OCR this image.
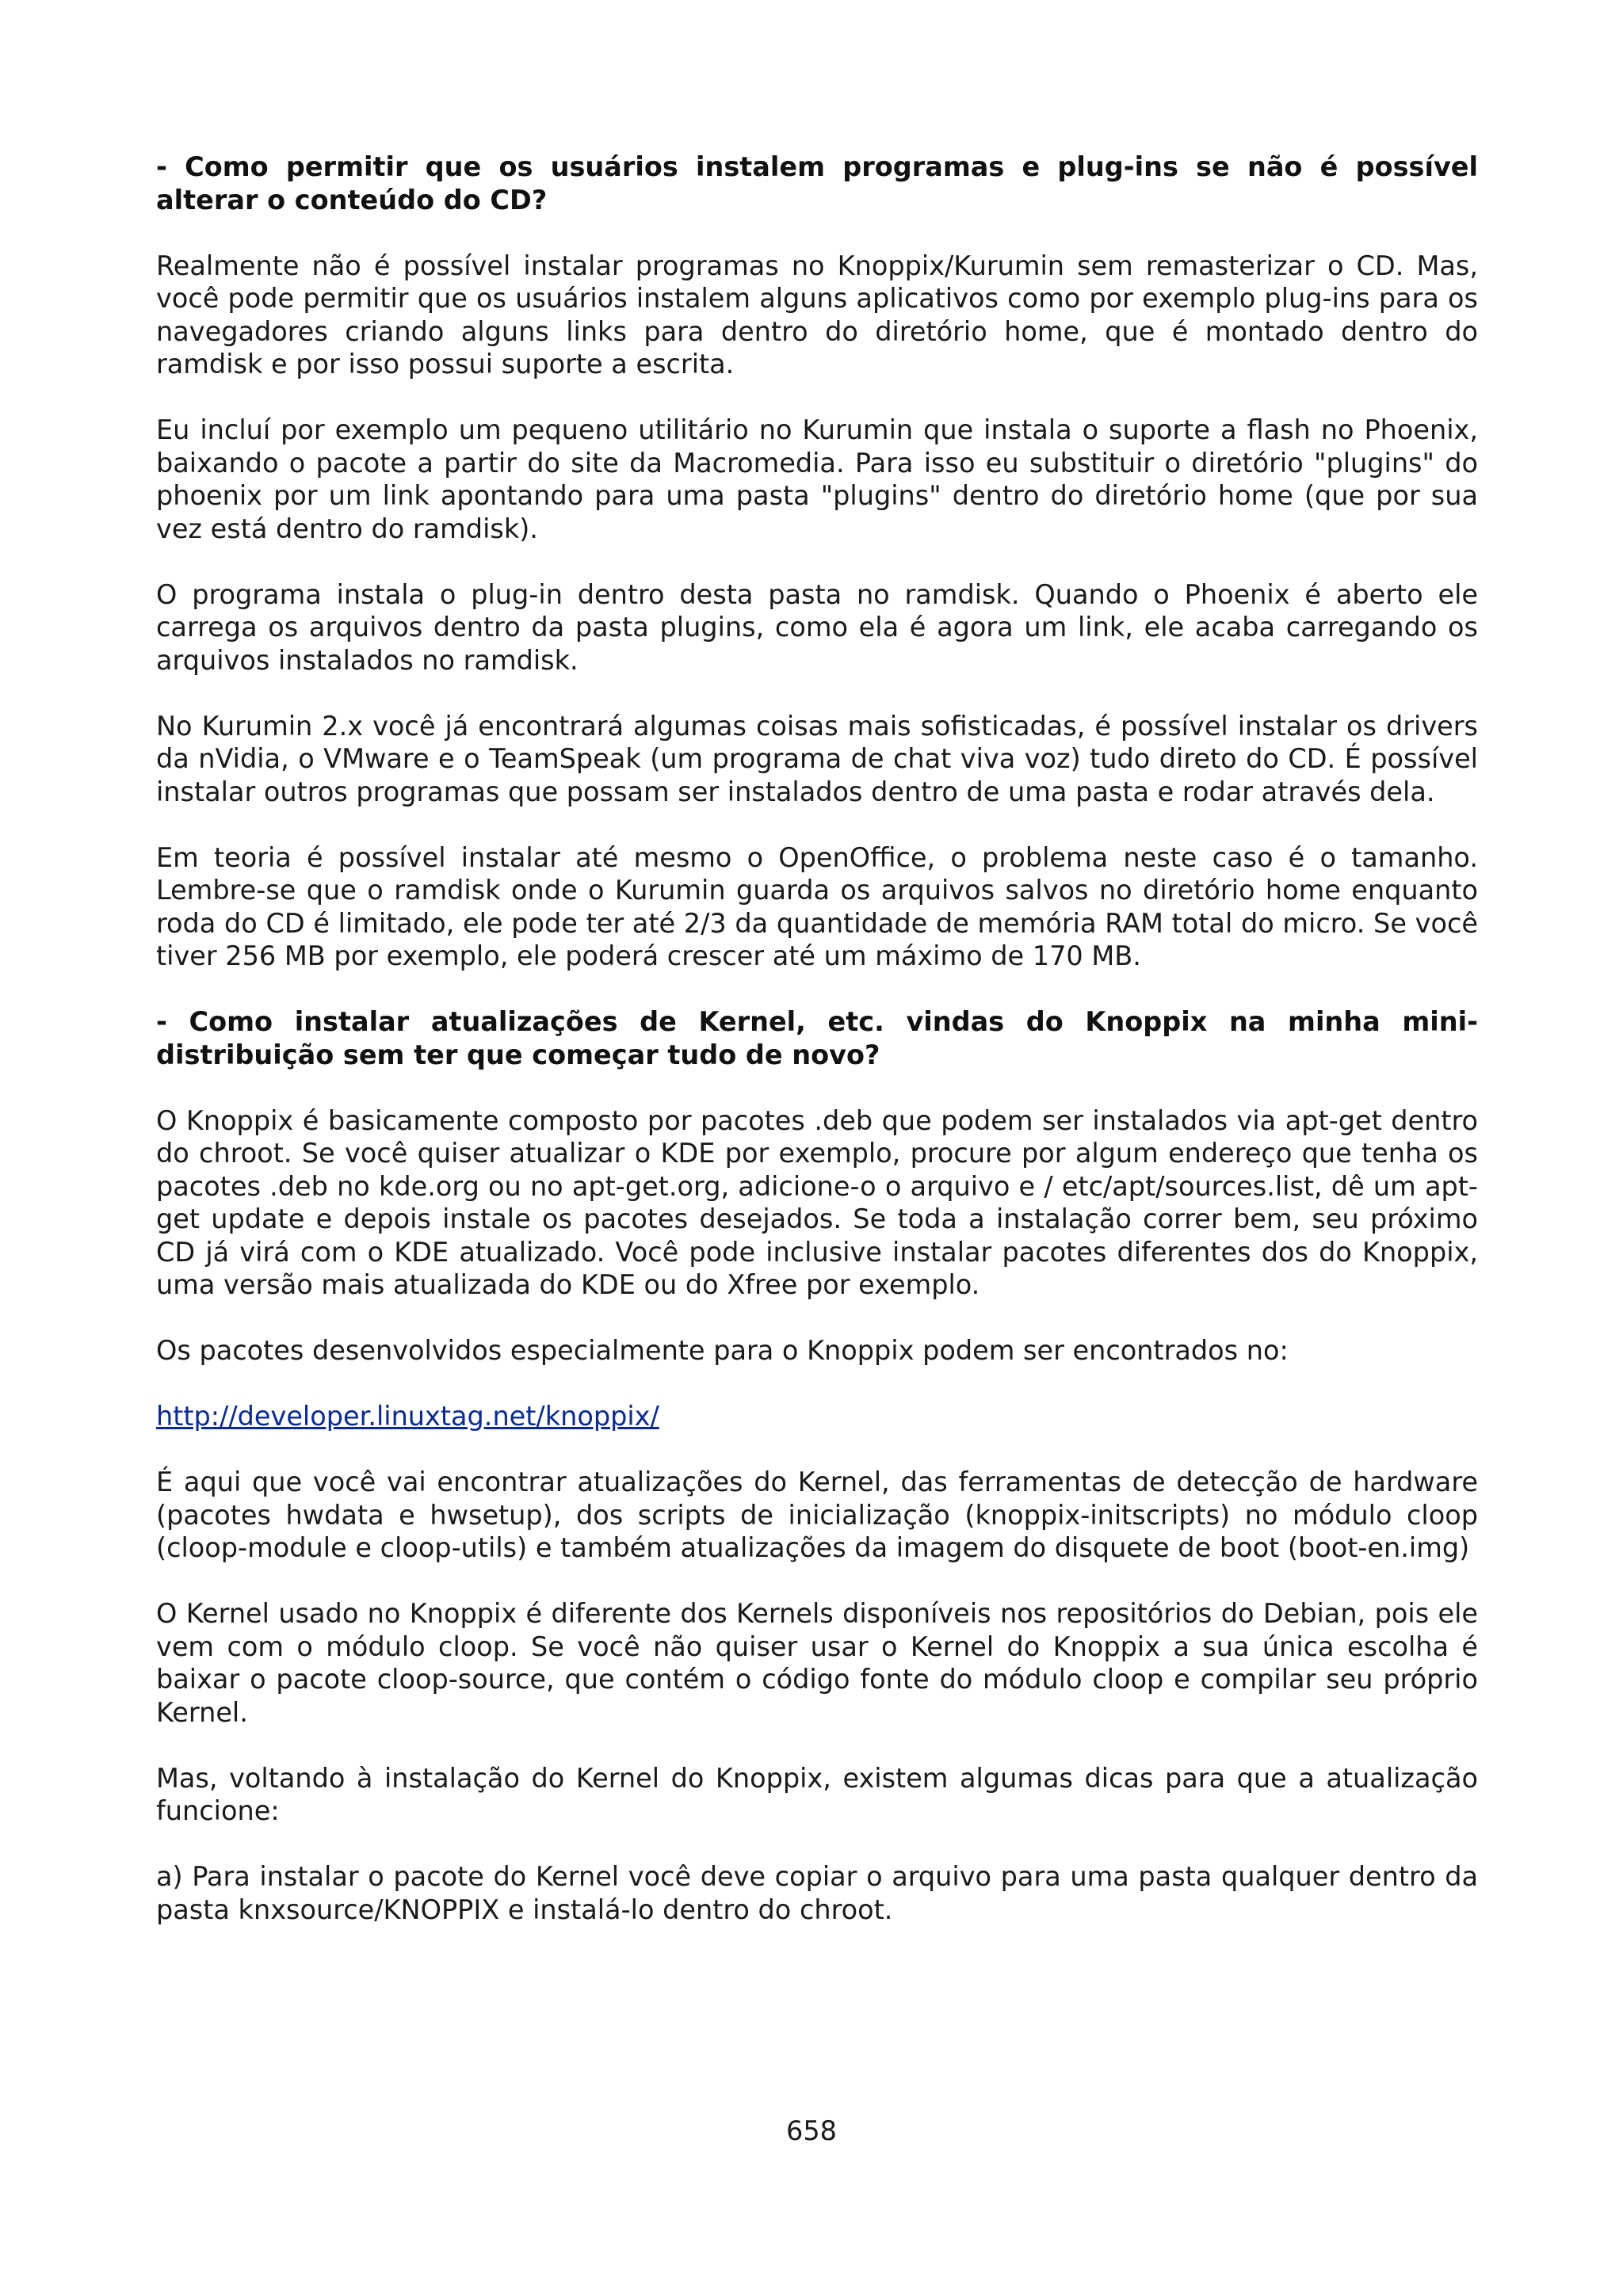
- Como permitir que os usuários instalem programas e plug-ins se não é possível alterar o conteúdo do CD?

Realmente não é possível instalar programas no Knoppix/Kurumin sem remasterizar o CD. Mas, você pode permitir que os usuários instalem alguns aplicativos como por exemplo plug-ins para os navegadores criando alguns links para dentro do diretório home, que é montado dentro do ramdisk e por isso possui suporte a escrita.

Eu incluí por exemplo um pequeno utilitário no Kurumin que instala o suporte a flash no Phoenix, baixando o pacote a partir do site da Macromedia. Para isso eu substituir o diretório "plugins" do phoenix por um link apontando para uma pasta "plugins" dentro do diretório home (que por sua vez está dentro do ramdisk).

O programa instala o plug-in dentro desta pasta no ramdisk. Quando o Phoenix é aberto ele carrega os arquivos dentro da pasta plugins, como ela é agora um link, ele acaba carregando os arquivos instalados no ramdisk.

No Kurumin 2.x você já encontrará algumas coisas mais sofisticadas, é possível instalar os drivers da nVidia, o VMware e o TeamSpeak (um programa de chat viva voz) tudo direto do CD. É possível instalar outros programas que possam ser instalados dentro de uma pasta e rodar através dela.

Em teoria é possível instalar até mesmo o OpenOffice, o problema neste caso é o tamanho. Lembre-se que o ramdisk onde o Kurumin guarda os arquivos salvos no diretório home enquanto roda do CD é limitado, ele pode ter até 2/3 da quantidade de memória RAM total do micro. Se você tiver 256 MB por exemplo, ele poderá crescer até um máximo de 170 MB.

- Como instalar atualizações de Kernel, etc. vindas do Knoppix na minha mini-distribuição sem ter que começar tudo de novo?

O Knoppix é basicamente composto por pacotes .deb que podem ser instalados via apt-get dentro do chroot. Se você quiser atualizar o KDE por exemplo, procure por algum endereço que tenha os pacotes .deb no kde.org ou no apt-get.org, adicione-o o arquivo e / etc/apt/sources.list, dê um apt-get update e depois instale os pacotes desejados. Se toda a instalação correr bem, seu próximo CD já virá com o KDE atualizado. Você pode inclusive instalar pacotes diferentes dos do Knoppix, uma versão mais atualizada do KDE ou do Xfree por exemplo.

Os pacotes desenvolvidos especialmente para o Knoppix podem ser encontrados no:

http://developer.linuxtag.net/knoppix/

É aqui que você vai encontrar atualizações do Kernel, das ferramentas de detecção de hardware (pacotes hwdata e hwsetup), dos scripts de inicialização (knoppix-initscripts) no módulo cloop (cloop-module e cloop-utils) e também atualizações da imagem do disquete de boot (boot-en.img)

O Kernel usado no Knoppix é diferente dos Kernels disponíveis nos repositórios do Debian, pois ele vem com o módulo cloop. Se você não quiser usar o Kernel do Knoppix a sua única escolha é baixar o pacote cloop-source, que contém o código fonte do módulo cloop e compilar seu próprio Kernel.

Mas, voltando à instalação do Kernel do Knoppix, existem algumas dicas para que a atualização funcione:

a) Para instalar o pacote do Kernel você deve copiar o arquivo para uma pasta qualquer dentro da pasta knxsource/KNOPPIX e instalá-lo dentro do chroot.

658
